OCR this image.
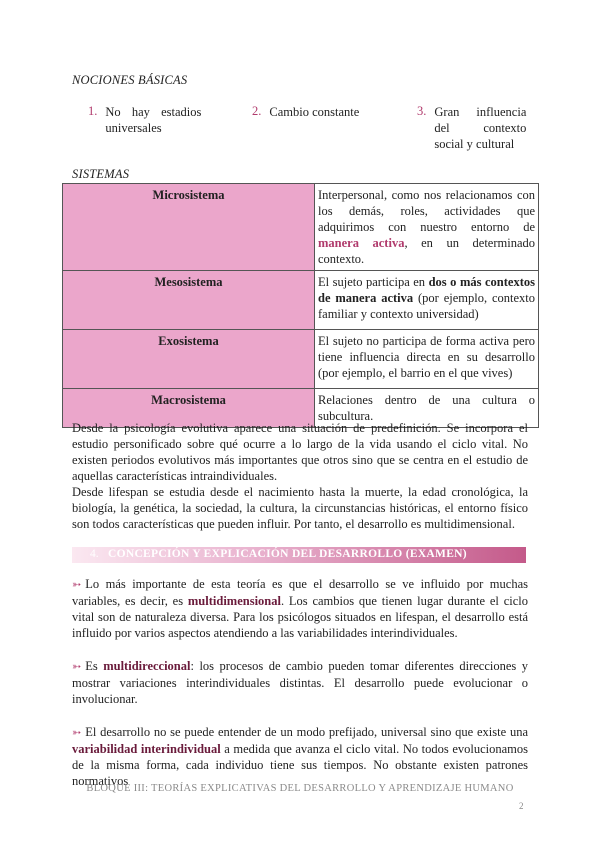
NOCIONES BÁSICAS
1. No hay estadios universales
2. Cambio constante	3. Gran influencia del contexto social y cultural
SISTEMAS
Microsistema	Interpersonal, como nos relacionamos con los demás, roles, actividades que adquirimos con nuestro entorno de manera activa, en un determinado contexto.
Mesosistema	El sujeto participa en dos o más contextos de manera activa (por ejemplo, contexto familiar y contexto universidad)
Exosistema	El sujeto no participa de forma activa pero tiene influencia directa en su desarrollo (por ejemplo, el barrio en el que vives)
Macrosistema	Relaciones dentro de una cultura o subcultura.
Desde la psicología evolutiva aparece una situación de predefinición. Se incorpora el estudio personificado sobre qué ocurre a lo largo de la vida usando el ciclo vital. No existen periodos evolutivos más importantes que otros sino que se centra en el estudio de aquellas características intraindividuales.
Desde lifespan se estudia desde el nacimiento hasta la muerte, la edad cronológica, la biología, la genética, la sociedad, la cultura, la circunstancias históricas, el entorno físico son todos características que pueden influir. Por tanto, el desarrollo es multidimensional.
4. CONCEPCIÓN Y EXPLICACIÓN DEL DESARROLLO (EXAMEN)
➳ Lo más importante de esta teoría es que el desarrollo se ve influido por muchas variables, es decir, es multidimensional. Los cambios que tienen lugar durante el ciclo vital son de naturaleza diversa. Para los psicólogos situados en lifespan, el desarrollo está influido por varios aspectos atendiendo a las variabilidades interindividuales.
➳ Es multidireccional: los procesos de cambio pueden tomar diferentes direcciones y mostrar variaciones interindividuales distintas. El desarrollo puede evolucionar o involucionar.
➳ El desarrollo no se puede entender de un modo prefijado, universal sino que existe una variabilidad interindividual a medida que avanza el ciclo vital. No todos evolucionamos de la misma forma, cada individuo tiene sus tiempos. No obstante existen patrones normativos
BLOQUE III: TEORÍAS EXPLICATIVAS DEL DESARROLLO Y APRENDIZAJE HUMANO
2
